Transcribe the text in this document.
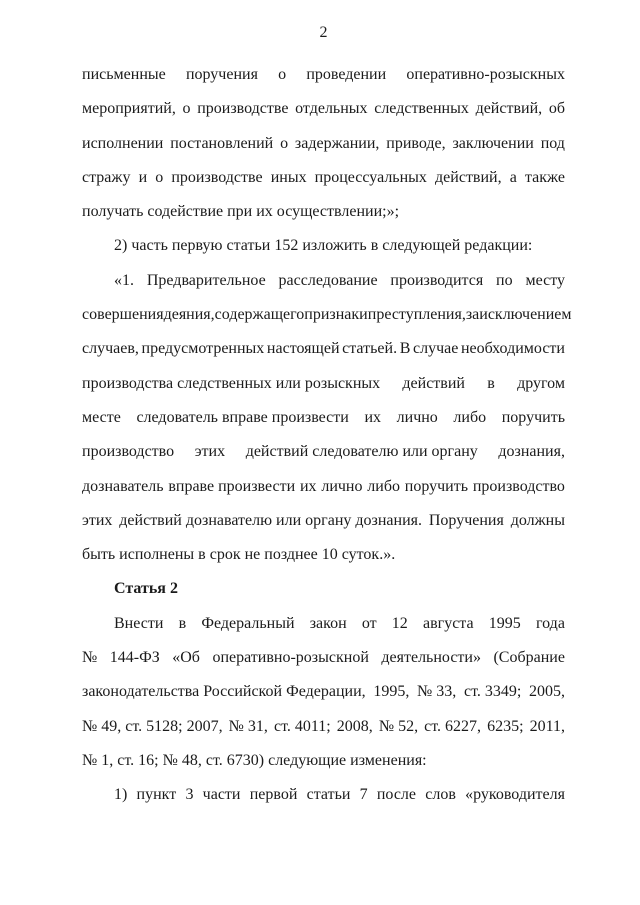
2
письменные поручения о проведении оперативно-розыскных
мероприятий, о производстве отдельных следственных действий, об
исполнении постановлений о задержании, приводе, заключении под
стражу и о производстве иных процессуальных действий, а также
получать содействие при их осуществлении;»;
2) часть первую статьи 152 изложить в следующей редакции:
«1. Предварительное расследование производится по месту
совершения деяния, содержащего признаки преступления, за исключением
случаев, предусмотренных настоящей статьей. В случае необходимости
производства следственных или розыскных действий в другом
месте следователь вправе произвести их лично либо поручить
производство этих действий следователю или органу дознания,
дознаватель вправе произвести их лично либо поручить производство
этих действий дознавателю или органу дознания. Поручения должны
быть исполнены в срок не позднее 10 суток.».
Статья 2
Внести в Федеральный закон от 12 августа 1995 года
№ 144-ФЗ «Об оперативно-розыскной деятельности» (Собрание
законодательства Российской Федерации, 1995, № 33, ст. 3349; 2005,
№ 49, ст. 5128; 2007, № 31, ст. 4011; 2008, № 52, ст. 6227, 6235; 2011,
№ 1, ст. 16; № 48, ст. 6730) следующие изменения:
1) пункт 3 части первой статьи 7 после слов «руководителя
